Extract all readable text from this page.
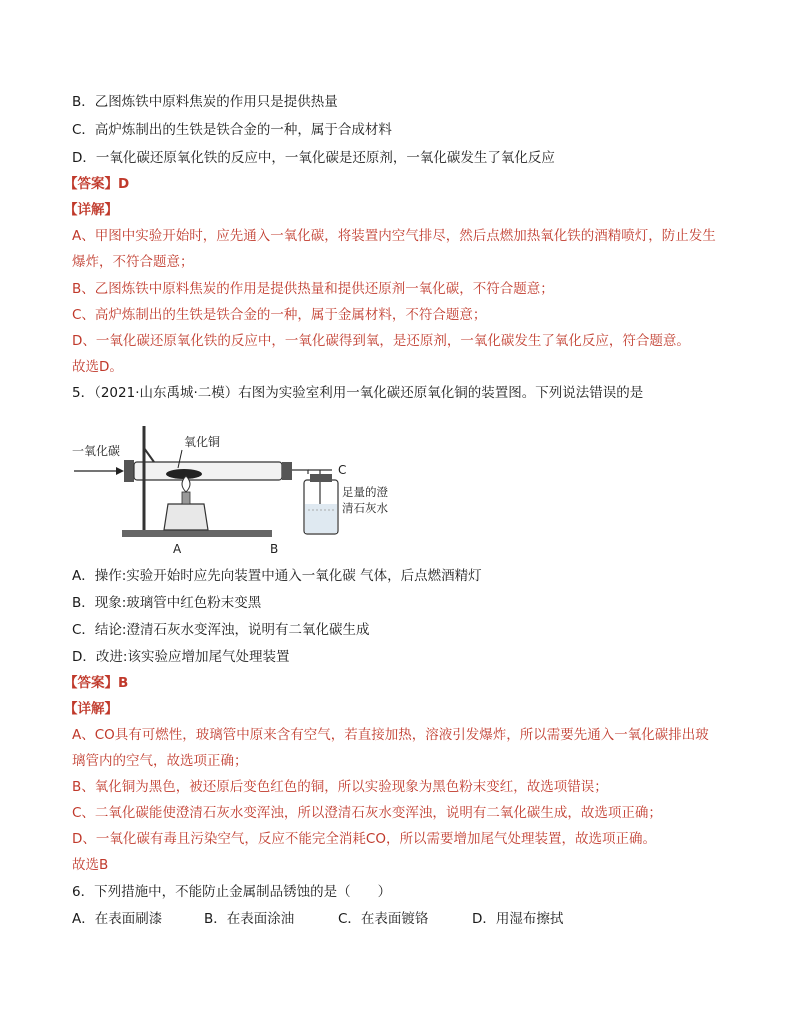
B．乙图炼铁中原料焦炭的作用只是提供热量
C．高炉炼制出的生铁是铁合金的一种，属于合成材料
D．一氧化碳还原氧化铁的反应中，一氧化碳是还原剂，一氧化碳发生了氧化反应
【答案】D
【详解】
A、甲图中实验开始时，应先通入一氧化碳，将装置内空气排尽，然后点燃加热氧化铁的酒精喷灯，防止发生
爆炸，不符合题意；
B、乙图炼铁中原料焦炭的作用是提供热量和提供还原剂一氧化碳，不符合题意；
C、高炉炼制出的生铁是铁合金的一种，属于金属材料，不符合题意；
D、一氧化碳还原氧化铁的反应中，一氧化碳得到氧，是还原剂，一氧化碳发生了氧化反应，符合题意。
故选D。
5．（2021·山东禹城·二模）右图为实验室利用一氧化碳还原氧化铜的装置图。下列说法错误的是
一氧化碳
氧化铜
C
足量的澄
清石灰水
A	B
A．操作:实验开始时应先向装置中通入一氧化碳 气体，后点燃酒精灯
B．现象:玻璃管中红色粉末变黑
C．结论:澄清石灰水变浑浊，说明有二氧化碳生成
D．改进:该实验应增加尾气处理装置
【答案】B
【详解】
A、CO具有可燃性，玻璃管中原来含有空气，若直接加热，溶液引发爆炸，所以需要先通入一氧化碳排出玻
璃管内的空气，故选项正确；
B、氧化铜为黑色，被还原后变色红色的铜，所以实验现象为黑色粉末变红，故选项错误；
C、二氧化碳能使澄清石灰水变浑浊，所以澄清石灰水变浑浊，说明有二氧化碳生成，故选项正确；
D、一氧化碳有毒且污染空气，反应不能完全消耗CO，所以需要增加尾气处理装置，故选项正确。
故选B
6．下列措施中，不能防止金属制品锈蚀的是（　　）
A．在表面刷漆	B．在表面涂油	C．在表面镀铬	D．用湿布擦拭
